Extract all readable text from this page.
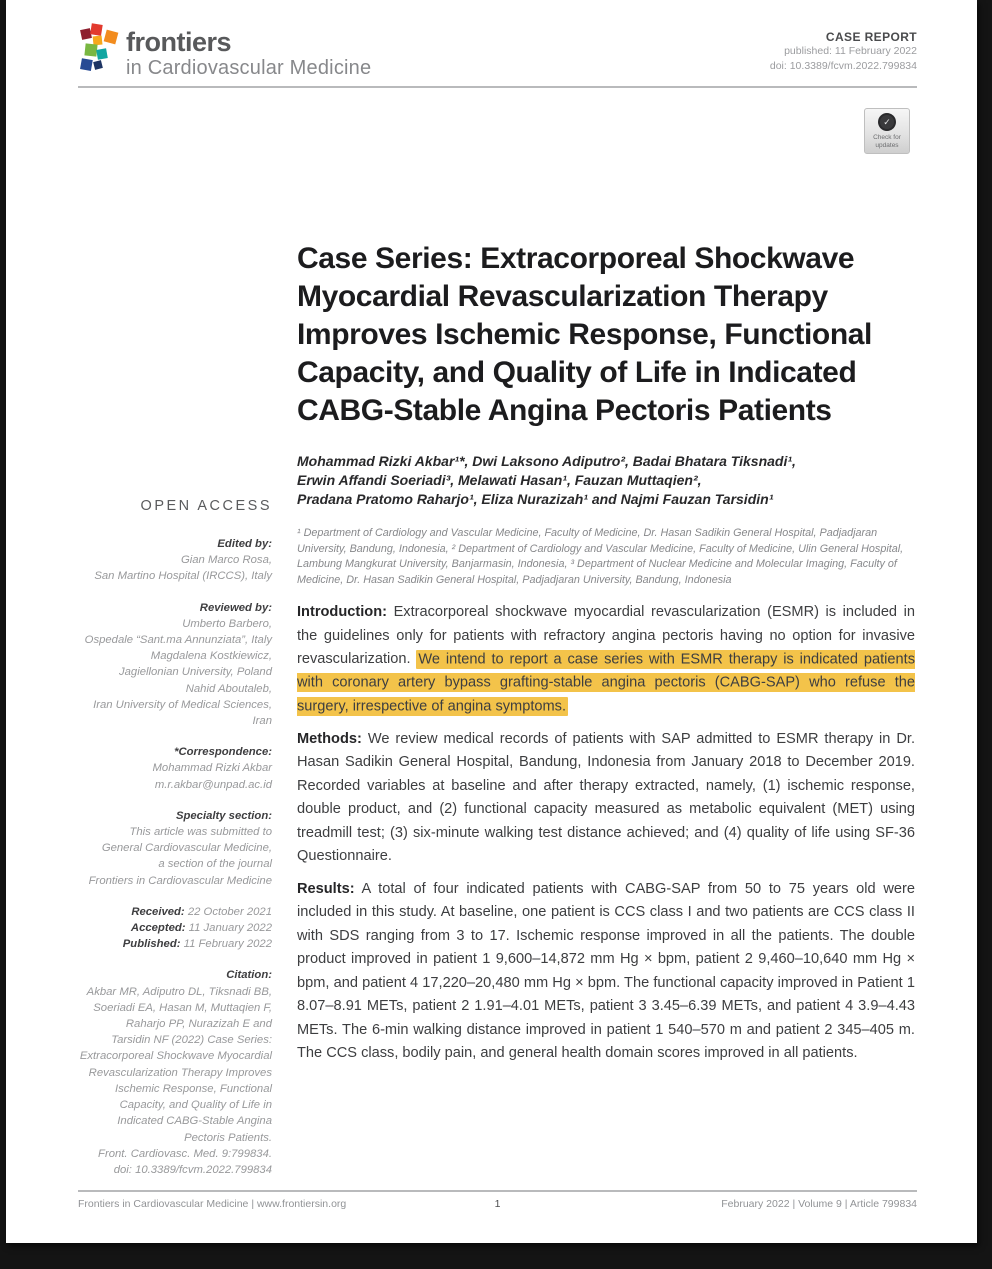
frontiers
in Cardiovascular Medicine
CASE REPORT
published: 11 February 2022
doi: 10.3389/fcvm.2022.799834
✓
Check for
updates
OPEN ACCESS
Edited by:
Gian Marco Rosa,
San Martino Hospital (IRCCS), Italy
Reviewed by:
Umberto Barbero,
Ospedale “Sant.ma Annunziata”, Italy
Magdalena Kostkiewicz,
Jagiellonian University, Poland
Nahid Aboutaleb,
Iran University of Medical Sciences, Iran
*Correspondence:
Mohammad Rizki Akbar
m.r.akbar@unpad.ac.id
Specialty section:
This article was submitted to
General Cardiovascular Medicine,
a section of the journal
Frontiers in Cardiovascular Medicine
Received: 22 October 2021
Accepted: 11 January 2022
Published: 11 February 2022
Citation:
Akbar MR, Adiputro DL, Tiksnadi BB,
Soeriadi EA, Hasan M, Muttaqien F,
Raharjo PP, Nurazizah E and
Tarsidin NF (2022) Case Series:
Extracorporeal Shockwave Myocardial
Revascularization Therapy Improves
Ischemic Response, Functional
Capacity, and Quality of Life in
Indicated CABG-Stable Angina
Pectoris Patients.
Front. Cardiovasc. Med. 9:799834.
doi: 10.3389/fcvm.2022.799834
Case Series: Extracorporeal Shockwave Myocardial Revascularization Therapy Improves Ischemic Response, Functional Capacity, and Quality of Life in Indicated CABG-Stable Angina Pectoris Patients
Mohammad Rizki Akbar¹*, Dwi Laksono Adiputro², Badai Bhatara Tiksnadi¹,
Erwin Affandi Soeriadi³, Melawati Hasan¹, Fauzan Muttaqien²,
Pradana Pratomo Raharjo¹, Eliza Nurazizah¹ and Najmi Fauzan Tarsidin¹
¹ Department of Cardiology and Vascular Medicine, Faculty of Medicine, Dr. Hasan Sadikin General Hospital, Padjadjaran University, Bandung, Indonesia, ² Department of Cardiology and Vascular Medicine, Faculty of Medicine, Ulin General Hospital, Lambung Mangkurat University, Banjarmasin, Indonesia, ³ Department of Nuclear Medicine and Molecular Imaging, Faculty of Medicine, Dr. Hasan Sadikin General Hospital, Padjadjaran University, Bandung, Indonesia

Introduction: Extracorporeal shockwave myocardial revascularization (ESMR) is included in the guidelines only for patients with refractory angina pectoris having no option for invasive revascularization. We intend to report a case series with ESMR therapy is indicated patients with coronary artery bypass grafting-stable angina pectoris (CABG-SAP) who refuse the surgery, irrespective of angina symptoms.

Methods: We review medical records of patients with SAP admitted to ESMR therapy in Dr. Hasan Sadikin General Hospital, Bandung, Indonesia from January 2018 to December 2019. Recorded variables at baseline and after therapy extracted, namely, (1) ischemic response, double product, and (2) functional capacity measured as metabolic equivalent (MET) using treadmill test; (3) six-minute walking test distance achieved; and (4) quality of life using SF-36 Questionnaire.

Results: A total of four indicated patients with CABG-SAP from 50 to 75 years old were included in this study. At baseline, one patient is CCS class I and two patients are CCS class II with SDS ranging from 3 to 17. Ischemic response improved in all the patients. The double product improved in patient 1 9,600–14,872 mm Hg × bpm, patient 2 9,460–10,640 mm Hg × bpm, and patient 4 17,220–20,480 mm Hg × bpm. The functional capacity improved in Patient 1 8.07–8.91 METs, patient 2 1.91–4.01 METs, patient 3 3.45–6.39 METs, and patient 4 3.9–4.43 METs. The 6-min walking distance improved in patient 1 540–570 m and patient 2 345–405 m. The CCS class, bodily pain, and general health domain scores improved in all patients.

Frontiers in Cardiovascular Medicine | www.frontiersin.org	1	February 2022 | Volume 9 | Article 799834
